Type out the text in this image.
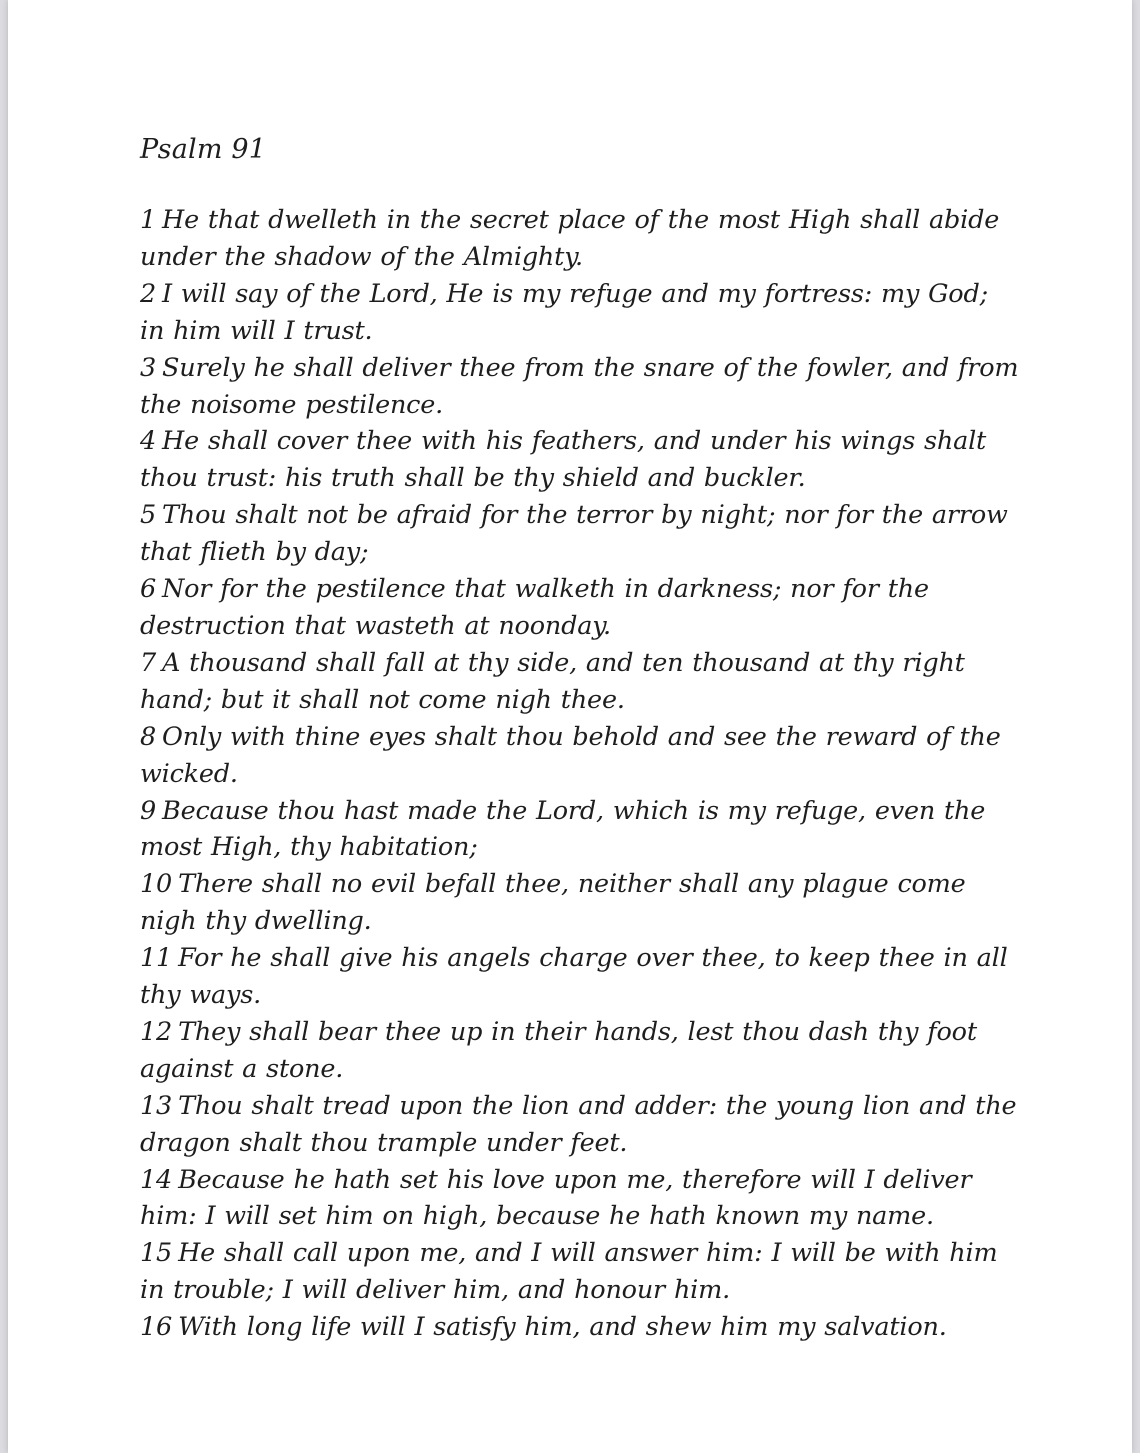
Psalm 91
1 He that dwelleth in the secret place of the most High shall abide under the shadow of the Almighty.
2 I will say of the Lord, He is my refuge and my fortress: my God; in him will I trust.
3 Surely he shall deliver thee from the snare of the fowler, and from the noisome pestilence.
4 He shall cover thee with his feathers, and under his wings shalt thou trust: his truth shall be thy shield and buckler.
5 Thou shalt not be afraid for the terror by night; nor for the arrow that flieth by day;
6 Nor for the pestilence that walketh in darkness; nor for the destruction that wasteth at noonday.
7 A thousand shall fall at thy side, and ten thousand at thy right hand; but it shall not come nigh thee.
8 Only with thine eyes shalt thou behold and see the reward of the wicked.
9 Because thou hast made the Lord, which is my refuge, even the most High, thy habitation;
10 There shall no evil befall thee, neither shall any plague come nigh thy dwelling.
11 For he shall give his angels charge over thee, to keep thee in all thy ways.
12 They shall bear thee up in their hands, lest thou dash thy foot against a stone.
13 Thou shalt tread upon the lion and adder: the young lion and the dragon shalt thou trample under feet.
14 Because he hath set his love upon me, therefore will I deliver him: I will set him on high, because he hath known my name.
15 He shall call upon me, and I will answer him: I will be with him in trouble; I will deliver him, and honour him.
16 With long life will I satisfy him, and shew him my salvation.
